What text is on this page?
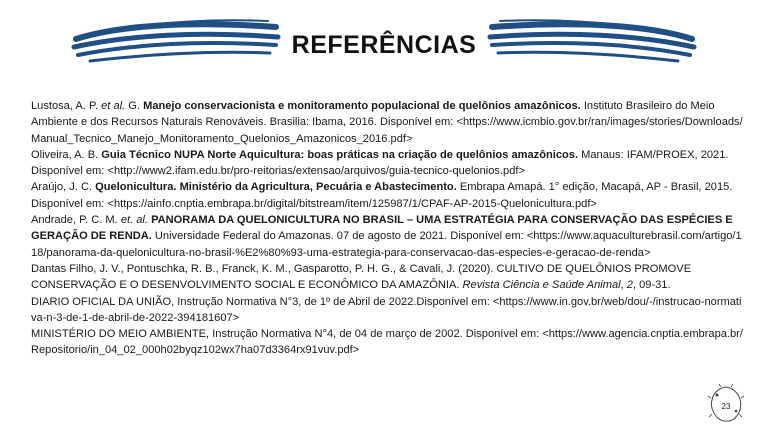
REFERÊNCIAS

Lustosa, A. P. et al. G. Manejo conservacionista e monitoramento populacional de quelônios amazônicos. Instituto Brasileiro do Meio Ambiente e dos Recursos Naturais Renováveis. Brasilia: Ibama, 2016. Disponível em: <https://www.icmbio.gov.br/ran/images/stories/Downloads/Manual_Tecnico_Manejo_Monitoramento_Quelonios_Amazonicos_2016.pdf>

Oliveira, A. B. Guia Técnico NUPA Norte Aquicultura: boas práticas na criação de quelônios amazônicos. Manaus: IFAM/PROEX, 2021. Disponível em: <http://www2.ifam.edu.br/pro-reitorias/extensao/arquivos/guia-tecnico-quelonios.pdf>

Araújo, J. C. Quelonicultura. Ministério da Agricultura, Pecuária e Abastecimento. Embrapa Amapá. 1° edição, Macapá, AP - Brasil, 2015. Disponível em: <https://ainfo.cnptia.embrapa.br/digital/bitstream/item/125987/1/CPAF-AP-2015-Quelonicultura.pdf>

Andrade, P. C. M. et. al. PANORAMA DA QUELONICULTURA NO BRASIL – UMA ESTRATÉGIA PARA CONSERVAÇÃO DAS ESPÉCIES E GERAÇÃO DE RENDA. Universidade Federal do Amazonas. 07 de agosto de 2021. Disponível em: <https://www.aquaculturebrasil.com/artigo/118/panorama-da-quelonicultura-no-brasil-%E2%80%93-uma-estrategia-para-conservacao-das-especies-e-geracao-de-renda>

Dantas Filho, J. V., Pontuschka, R. B., Franck, K. M., Gasparotto, P. H. G., & Cavali, J. (2020). CULTIVO DE QUELÔNIOS PROMOVE CONSERVAÇÃO E O DESENVOLVIMENTO SOCIAL E ECONÔMICO DA AMAZÔNIA. Revista Ciência e Saúde Animal, 2, 09-31.

DIARIO OFICIAL DA UNIÃO, Instrução Normativa N°3, de 1º de Abril de 2022.Disponível em: <https://www.in.gov.br/web/dou/-/instrucao-normativa-n-3-de-1-de-abril-de-2022-394181607>

MINISTÉRIO DO MEIO AMBIENTE, Instrução Normativa N°4, de 04 de março de 2002. Disponível em: <https://www.agencia.cnptia.embrapa.br/Repositorio/in_04_02_000h02byqz102wx7ha07d3364rx91vuv.pdf>

23
